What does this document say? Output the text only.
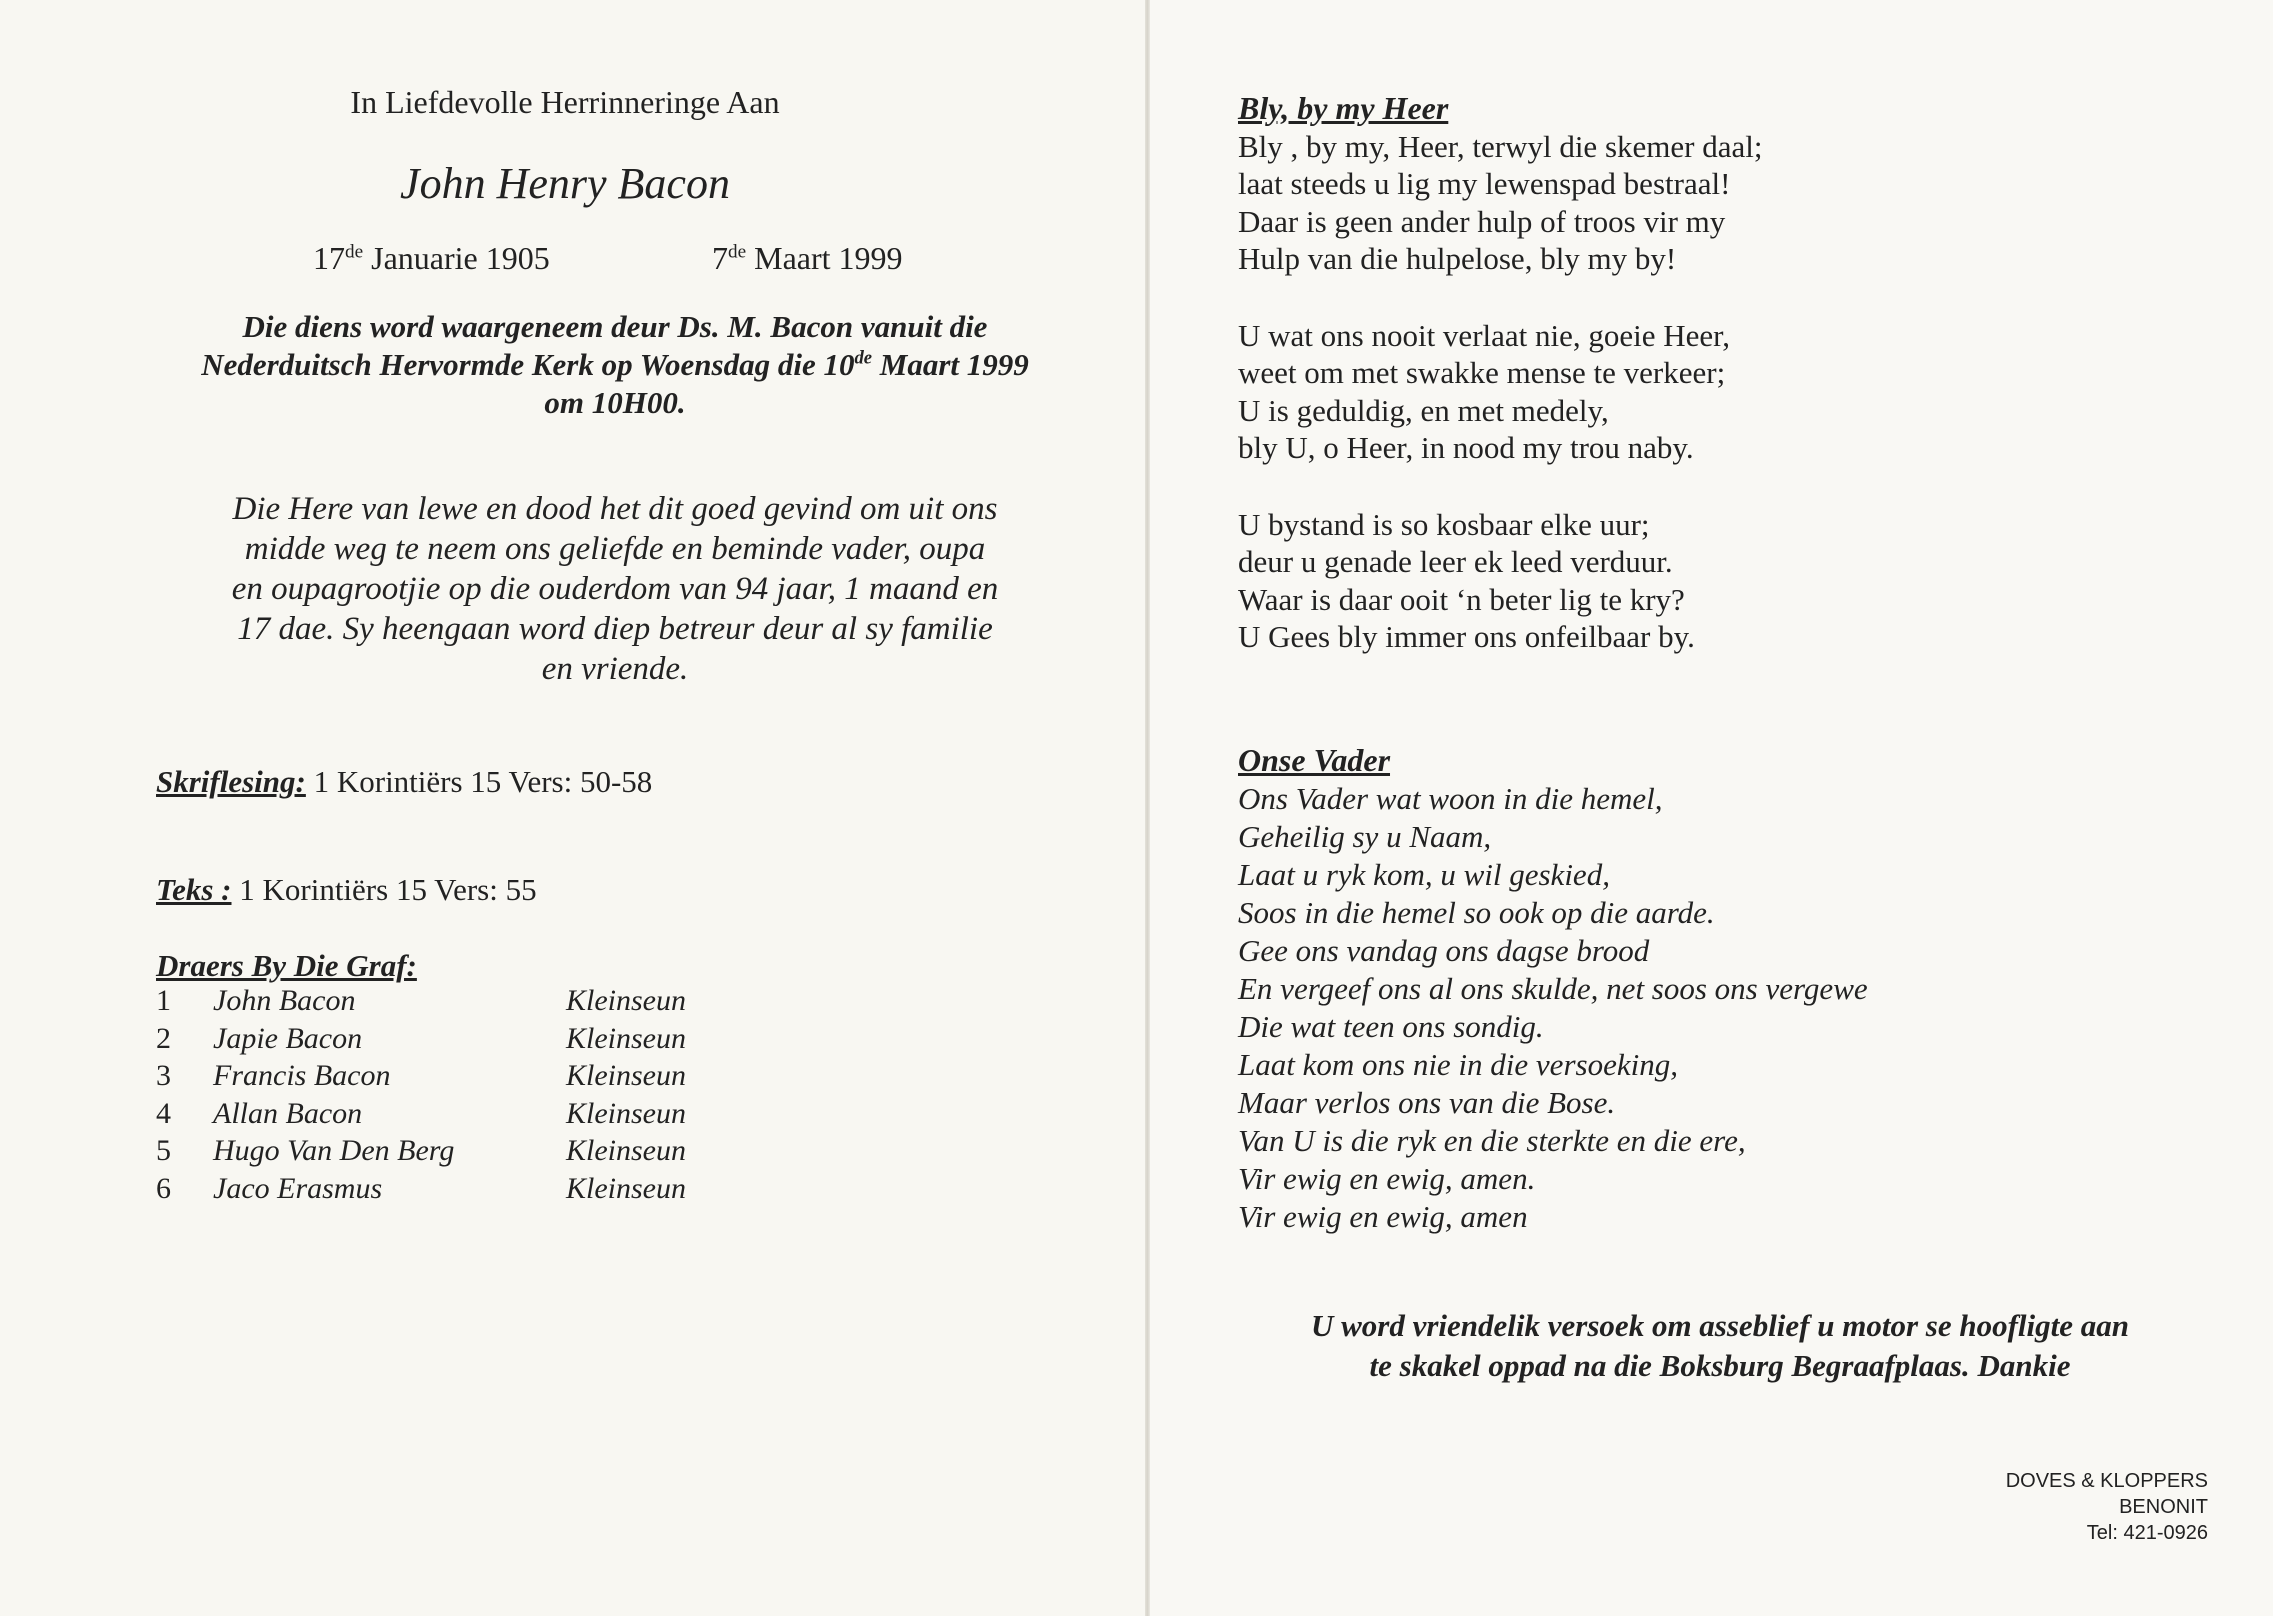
In Liefdevolle Herrinneringe Aan
John Henry Bacon
17de Januarie 1905	7de Maart 1999
Die diens word waargeneem deur Ds. M. Bacon vanuit die
Nederduitsch Hervormde Kerk op Woensdag die 10de Maart 1999
om 10H00.
Die Here van lewe en dood het dit goed gevind om uit ons
midde weg te neem ons geliefde en beminde vader, oupa
en oupagrootjie op die ouderdom van 94 jaar, 1 maand en
17 dae. Sy heengaan word diep betreur deur al sy familie
en vriende.
Skriflesing: 1 Korintiërs 15 Vers: 50-58
Teks : 1 Korintiërs 15 Vers: 55
Draers By Die Graf:
1 John Bacon	Kleinseun
2 Japie Bacon	Kleinseun
3 Francis Bacon	Kleinseun
4 Allan Bacon	Kleinseun
5 Hugo Van Den Berg	Kleinseun
6 Jaco Erasmus	Kleinseun
Bly, by my Heer
Bly , by my, Heer, terwyl die skemer daal;
laat steeds u lig my lewenspad bestraal!
Daar is geen ander hulp of troos vir my
Hulp van die hulpelose, bly my by!
U wat ons nooit verlaat nie, goeie Heer,
weet om met swakke mense te verkeer;
U is geduldig, en met medely,
bly U, o Heer, in nood my trou naby.
U bystand is so kosbaar elke uur;
deur u genade leer ek leed verduur.
Waar is daar ooit ‘n beter lig te kry?
U Gees bly immer ons onfeilbaar by.
Onse Vader
Ons Vader wat woon in die hemel,
Geheilig sy u Naam,
Laat u ryk kom, u wil geskied,
Soos in die hemel so ook op die aarde.
Gee ons vandag ons dagse brood
En vergeef ons al ons skulde, net soos ons vergewe
Die wat teen ons sondig.
Laat kom ons nie in die versoeking,
Maar verlos ons van die Bose.
Van U is die ryk en die sterkte en die ere,
Vir ewig en ewig, amen.
Vir ewig en ewig, amen
U word vriendelik versoek om asseblief u motor se hoofligte aan
te skakel oppad na die Boksburg Begraafplaas. Dankie
DOVES & KLOPPERS
BENONIT
Tel: 421-0926
